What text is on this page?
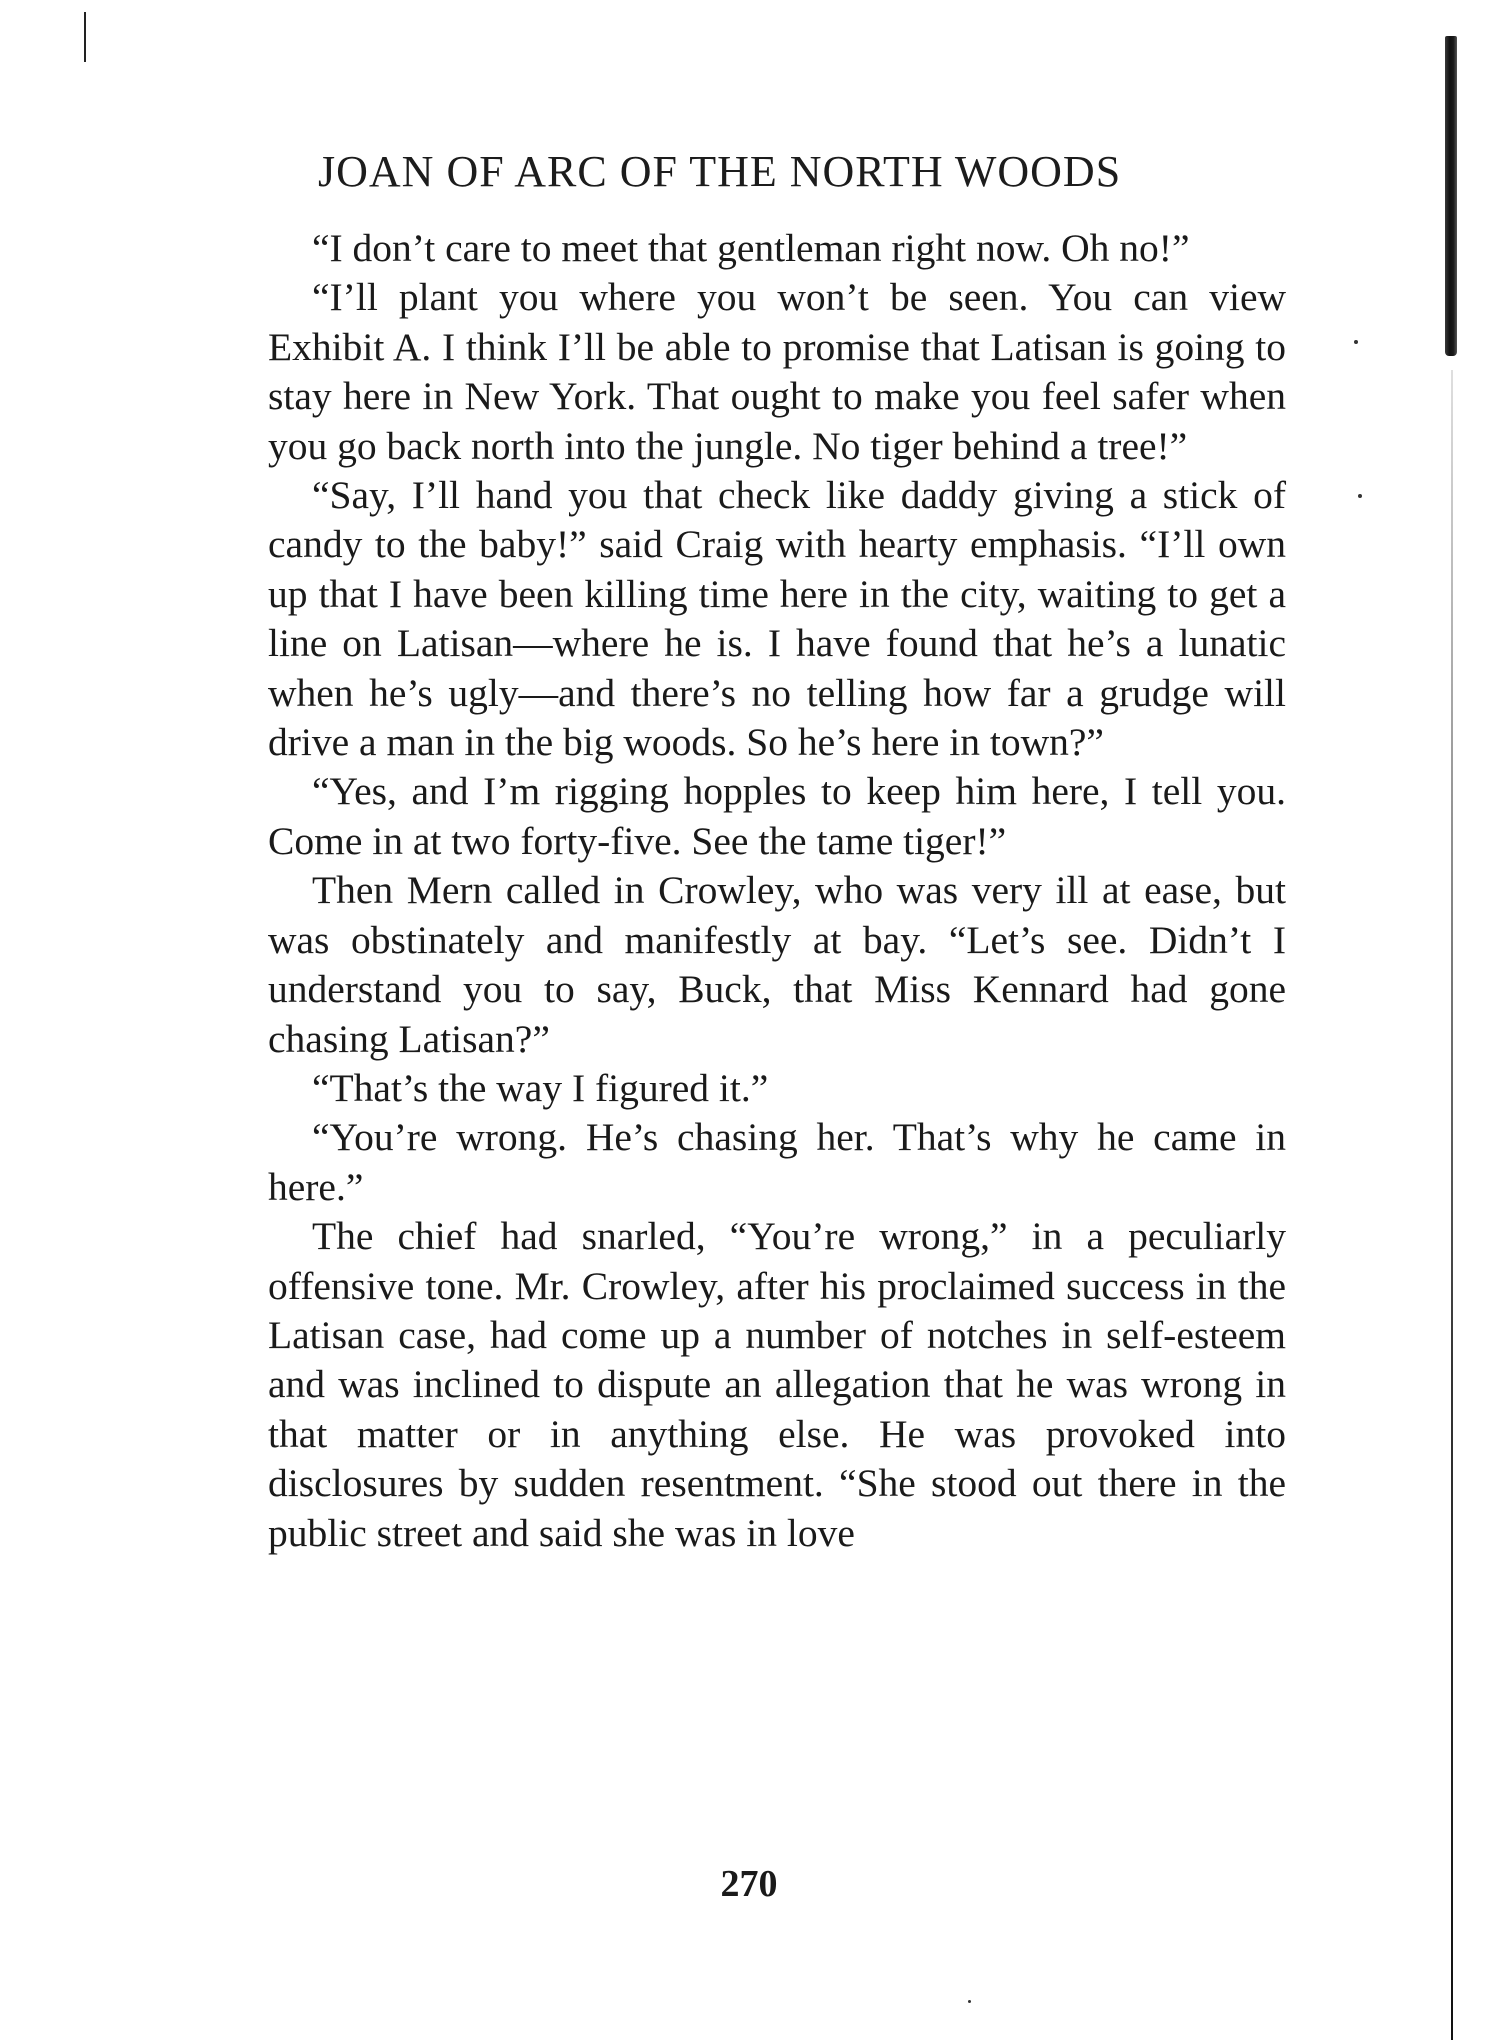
JOAN OF ARC OF THE NORTH WOODS

“I don’t care to meet that gentleman right now. Oh no!”

“I’ll plant you where you won’t be seen. You can view Exhibit A. I think I’ll be able to promise that Latisan is going to stay here in New York. That ought to make you feel safer when you go back north into the jungle. No tiger behind a tree!”

“Say, I’ll hand you that check like daddy giving a stick of candy to the baby!” said Craig with hearty emphasis. “I’ll own up that I have been killing time here in the city, waiting to get a line on Latisan—where he is. I have found that he’s a lunatic when he’s ugly—and there’s no telling how far a grudge will drive a man in the big woods. So he’s here in town?”

“Yes, and I’m rigging hopples to keep him here, I tell you. Come in at two forty-five. See the tame tiger!”

Then Mern called in Crowley, who was very ill at ease, but was obstinately and manifestly at bay. “Let’s see. Didn’t I understand you to say, Buck, that Miss Kennard had gone chasing Latisan?”

“That’s the way I figured it.”

“You’re wrong. He’s chasing her. That’s why he came in here.”

The chief had snarled, “You’re wrong,” in a peculiarly offensive tone. Mr. Crowley, after his proclaimed success in the Latisan case, had come up a number of notches in self-esteem and was inclined to dispute an allegation that he was wrong in that matter or in anything else. He was provoked into disclosures by sudden resentment. “She stood out there in the public street and said she was in love

270
